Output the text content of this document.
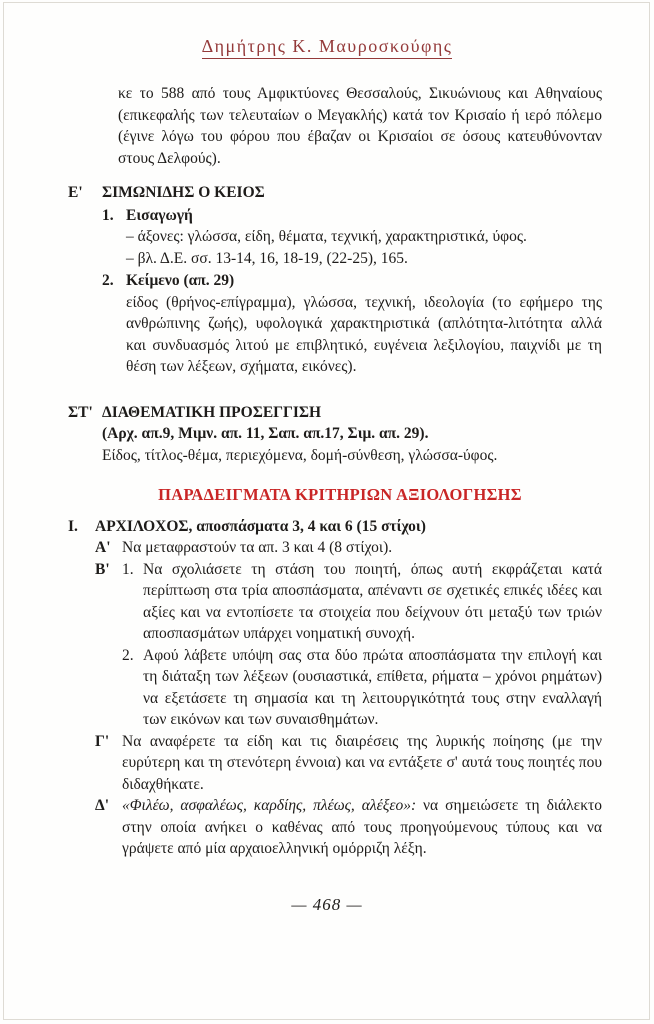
Δημήτρης Κ. Μαυροσκούφης

κε το 588 από τους Αμφικτύονες Θεσσαλούς, Σικυώνιους και Αθηναίους (επικεφαλής των τελευταίων ο Μεγακλής) κατά τον Κρισαίο ή ιερό πόλεμο (έγινε λόγω του φόρου που έβαζαν οι Κρισαίοι σε όσους κατευθύνονταν στους Δελφούς).

Ε'	ΣΙΜΩΝΙΔΗΣ Ο ΚΕΙΟΣ
1. Εισαγωγή
– άξονες: γλώσσα, είδη, θέματα, τεχνική, χαρακτηριστικά, ύφος.
– βλ. Δ.Ε. σσ. 13-14, 16, 18-19, (22-25), 165.
2. Κείμενο (απ. 29)
είδος (θρήνος-επίγραμμα), γλώσσα, τεχνική, ιδεολογία (το εφήμερο της ανθρώπινης ζωής), υφολογικά χαρακτηριστικά (απλότητα-λιτότητα αλλά και συνδυασμός λιτού με επιβλητικό, ευγένεια λεξιλογίου, παιχνίδι με τη θέση των λέξεων, σχήματα, εικόνες).
ΣΤ' ΔΙΑΘΕΜΑΤΙΚΗ ΠΡΟΣΕΓΓΙΣΗ
(Αρχ. απ.9, Μιμν. απ. 11, Σαπ. απ.17, Σιμ. απ. 29).
Είδος, τίτλος-θέμα, περιεχόμενα, δομή-σύνθεση, γλώσσα-ύφος.
ΠΑΡΑΔΕΙΓΜΑΤΑ ΚΡΙΤΗΡΙΩΝ ΑΞΙΟΛΟΓΗΣΗΣ
Ι.	ΑΡΧΙΛΟΧΟΣ, αποσπάσματα 3, 4 και 6 (15 στίχοι)
Α' Να μεταφραστούν τα απ. 3 και 4 (8 στίχοι).
Β' 1. Να σχολιάσετε τη στάση του ποιητή, όπως αυτή εκφράζεται κατά περίπτωση στα τρία αποσπάσματα, απέναντι σε σχετικές επικές ιδέες και αξίες και να εντοπίσετε τα στοιχεία που δείχνουν ότι μεταξύ των τριών αποσπασμάτων υπάρχει νοηματική συνοχή.
2. Αφού λάβετε υπόψη σας στα δύο πρώτα αποσπάσματα την επιλογή και τη διάταξη των λέξεων (ουσιαστικά, επίθετα, ρήματα – χρόνοι ρημάτων) να εξετάσετε τη σημασία και τη λειτουργικότητά τους στην εναλλαγή των εικόνων και των συναισθημάτων.
Γ' Να αναφέρετε τα είδη και τις διαιρέσεις της λυρικής ποίησης (με την ευρύτερη και τη στενότερη έννοια) και να εντάξετε σ' αυτά τους ποιητές που διδαχθήκατε.
Δ' «Φιλέω, ασφαλέως, καρδίης, πλέως, αλέξεο»: να σημειώσετε τη διάλεκτο στην οποία ανήκει ο καθένας από τους προηγούμενους τύπους και να γράψετε από μία αρχαιοελληνική ομόρριζη λέξη.
— 468 —
